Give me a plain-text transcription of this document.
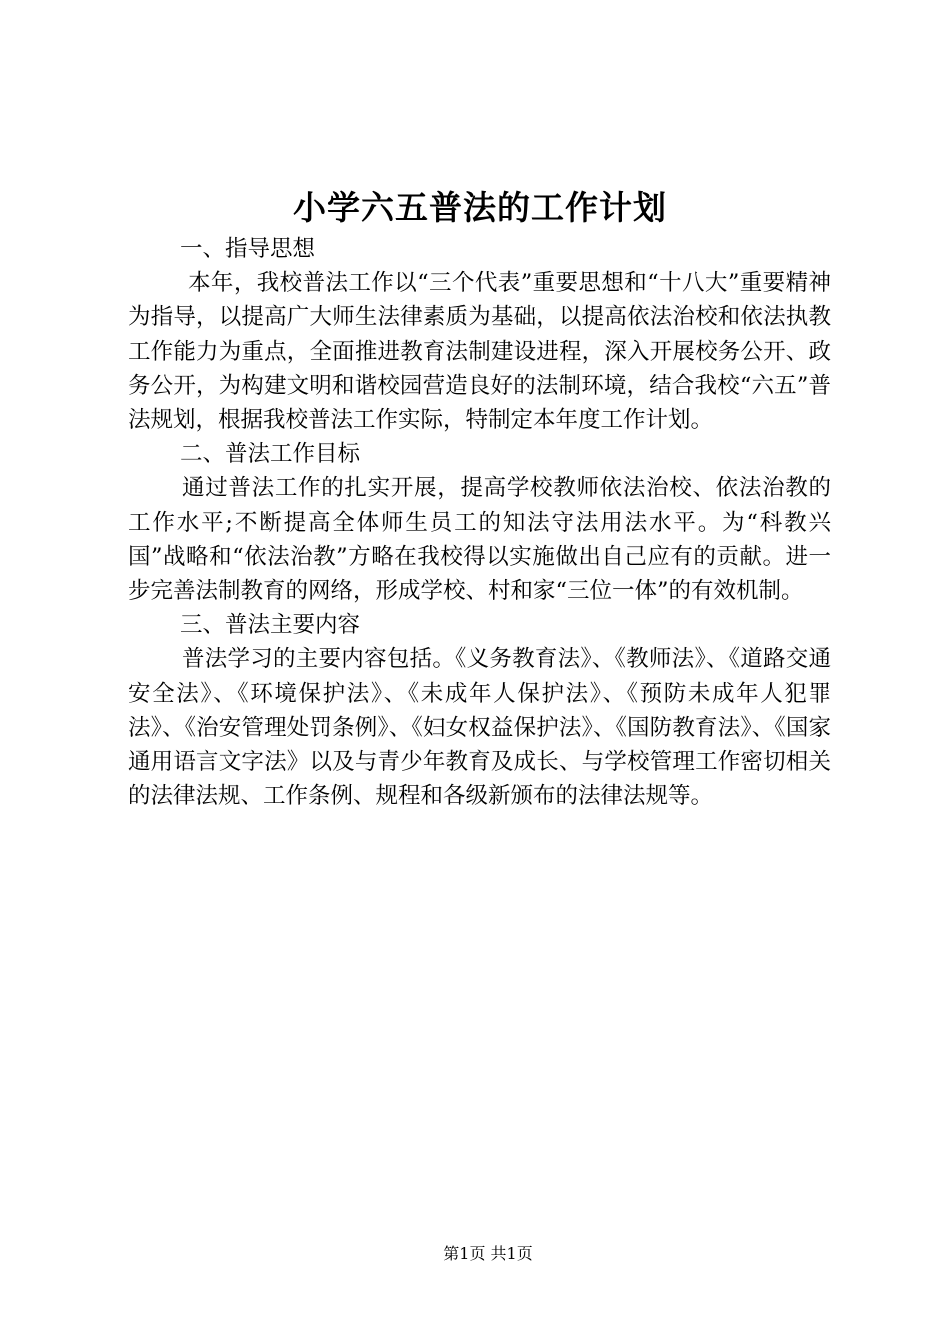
小学六五普法的工作计划
一、指导思想
本年，我校普法工作以“三个代表”重要思想和“十八大”重要精神为指导，以提高广大师生法律素质为基础，以提高依法治校和依法执教工作能力为重点，全面推进教育法制建设进程，深入开展校务公开、政务公开，为构建文明和谐校园营造良好的法制环境，结合我校“六五”普法规划，根据我校普法工作实际，特制定本年度工作计划。
二、普法工作目标
通过普法工作的扎实开展，提高学校教师依法治校、依法治教的工作水平;不断提高全体师生员工的知法守法用法水平。为“科教兴国”战略和“依法治教”方略在我校得以实施做出自己应有的贡献。进一步完善法制教育的网络，形成学校、村和家“三位一体”的有效机制。
三、普法主要内容
普法学习的主要内容包括。《义务教育法》、《教师法》、《道路交通安全法》、《环境保护法》、《未成年人保护法》、《预防未成年人犯罪法》、《治安管理处罚条例》、《妇女权益保护法》、《国防教育法》、《国家通用语言文字法》以及与青少年教育及成长、与学校管理工作密切相关的法律法规、工作条例、规程和各级新颁布的法律法规等。
第1页 共1页
